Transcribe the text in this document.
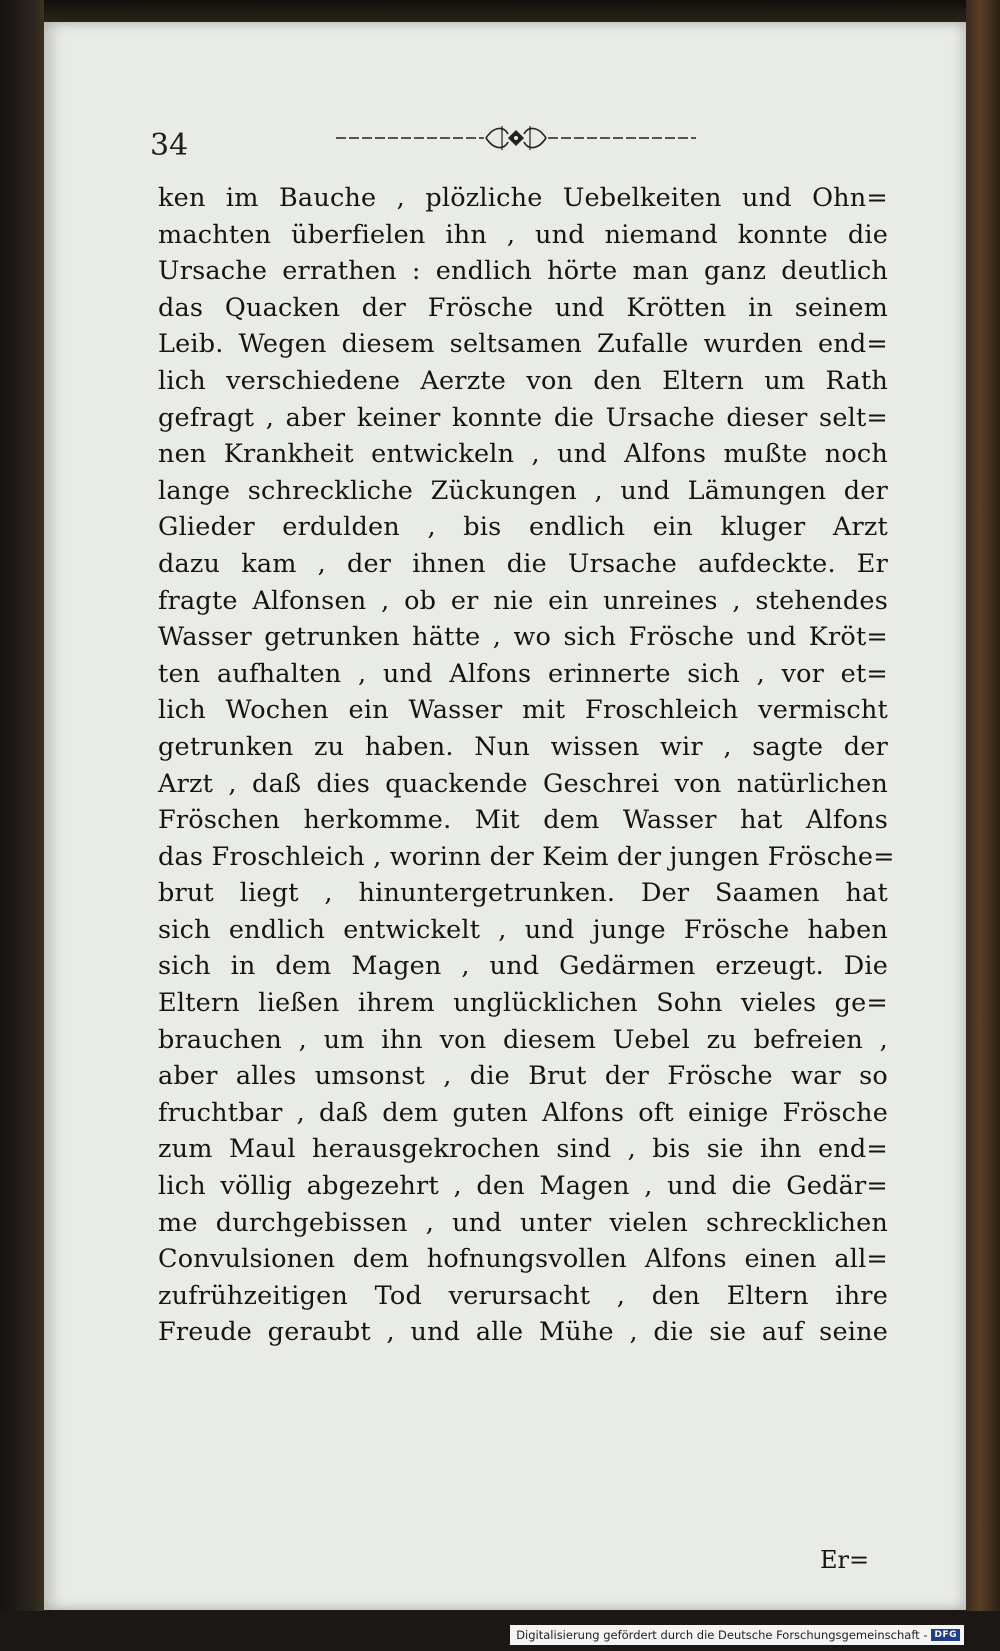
34
ken im Bauche , plözliche Uebelkeiten und Ohn=
machten überfielen ihn , und niemand konnte die
Ursache errathen : endlich hörte man ganz deutlich
das Quacken der Frösche und Krötten in seinem
Leib. Wegen diesem seltsamen Zufalle wurden end=
lich verschiedene Aerzte von den Eltern um Rath
gefragt , aber keiner konnte die Ursache dieser selt=
nen Krankheit entwickeln , und Alfons mußte noch
lange schreckliche Zückungen , und Lämungen der
Glieder erdulden , bis endlich ein kluger Arzt
dazu kam , der ihnen die Ursache aufdeckte. Er
fragte Alfonsen , ob er nie ein unreines , stehendes
Wasser getrunken hätte , wo sich Frösche und Kröt=
ten aufhalten , und Alfons erinnerte sich , vor et=
lich Wochen ein Wasser mit Froschleich vermischt
getrunken zu haben. Nun wissen wir , sagte der
Arzt , daß dies quackende Geschrei von natürlichen
Fröschen herkomme. Mit dem Wasser hat Alfons
das Froschleich , worinn der Keim der jungen Frösche=
brut liegt , hinuntergetrunken. Der Saamen hat
sich endlich entwickelt , und junge Frösche haben
sich in dem Magen , und Gedärmen erzeugt. Die
Eltern ließen ihrem unglücklichen Sohn vieles ge=
brauchen , um ihn von diesem Uebel zu befreien ,
aber alles umsonst , die Brut der Frösche war so
fruchtbar , daß dem guten Alfons oft einige Frösche
zum Maul herausgekrochen sind , bis sie ihn end=
lich völlig abgezehrt , den Magen , und die Gedär=
me durchgebissen , und unter vielen schrecklichen
Convulsionen dem hofnungsvollen Alfons einen all=
zufrühzeitigen Tod verursacht , den Eltern ihre
Freude geraubt , und alle Mühe , die sie auf seine
Er=
Digitalisierung gefördert durch die Deutsche Forschungsgemeinschaft - DFG
